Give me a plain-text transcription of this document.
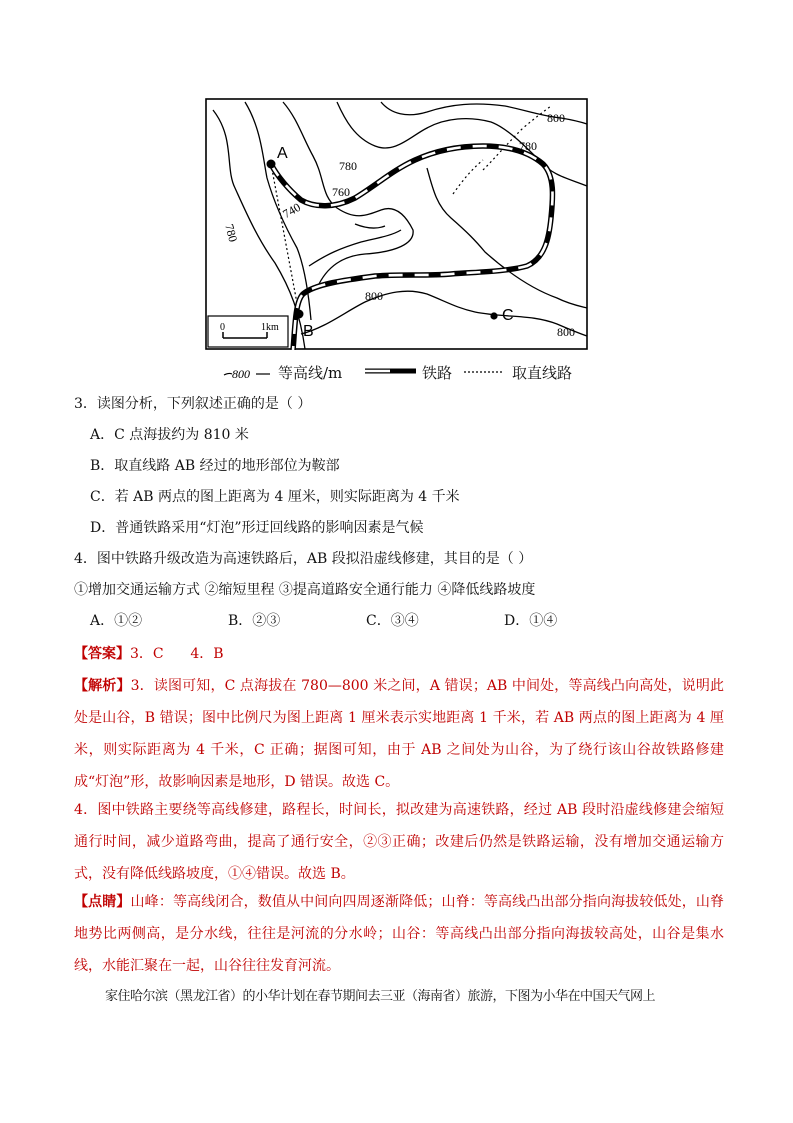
A
B
C
780
760
740
780
780
800
800
800
0	1km
800 等高线/m	铁路	取直线路
3．读图分析，下列叙述正确的是（ ）
A．C 点海拔约为 810 米
B．取直线路 AB 经过的地形部位为鞍部
C．若 AB 两点的图上距离为 4 厘米，则实际距离为 4 千米
D．普通铁路采用“灯泡”形迂回线路的影响因素是气候
4．图中铁路升级改造为高速铁路后，AB 段拟沿虚线修建，其目的是（ ）
①增加交通运输方式 ②缩短里程 ③提高道路安全通行能力 ④降低线路坡度
A．①②	B．②③	C．③④	D．①④
【答案】3．C      4．B
【解析】3．读图可知，C 点海拔在 780—800 米之间，A 错误；AB 中间处，等高线凸向高处，说明此处是山谷，B 错误；图中比例尺为图上距离 1 厘米表示实地距离 1 千米，若 AB 两点的图上距离为 4 厘米，则实际距离为 4 千米，C 正确；据图可知，由于 AB 之间处为山谷，为了绕行该山谷故铁路修建成“灯泡”形，故影响因素是地形，D 错误。故选 C。
4．图中铁路主要绕等高线修建，路程长，时间长，拟改建为高速铁路，经过 AB 段时沿虚线修建会缩短通行时间，减少道路弯曲，提高了通行安全，②③正确；改建后仍然是铁路运输，没有增加交通运输方式，没有降低线路坡度，①④错误。故选 B。
【点睛】山峰：等高线闭合，数值从中间向四周逐渐降低；山脊：等高线凸出部分指向海拔较低处，山脊地势比两侧高，是分水线，往往是河流的分水岭；山谷：等高线凸出部分指向海拔较高处，山谷是集水线，水能汇聚在一起，山谷往往发育河流。
家住哈尔滨（黑龙江省）的小华计划在春节期间去三亚（海南省）旅游，下图为小华在中国天气网上
